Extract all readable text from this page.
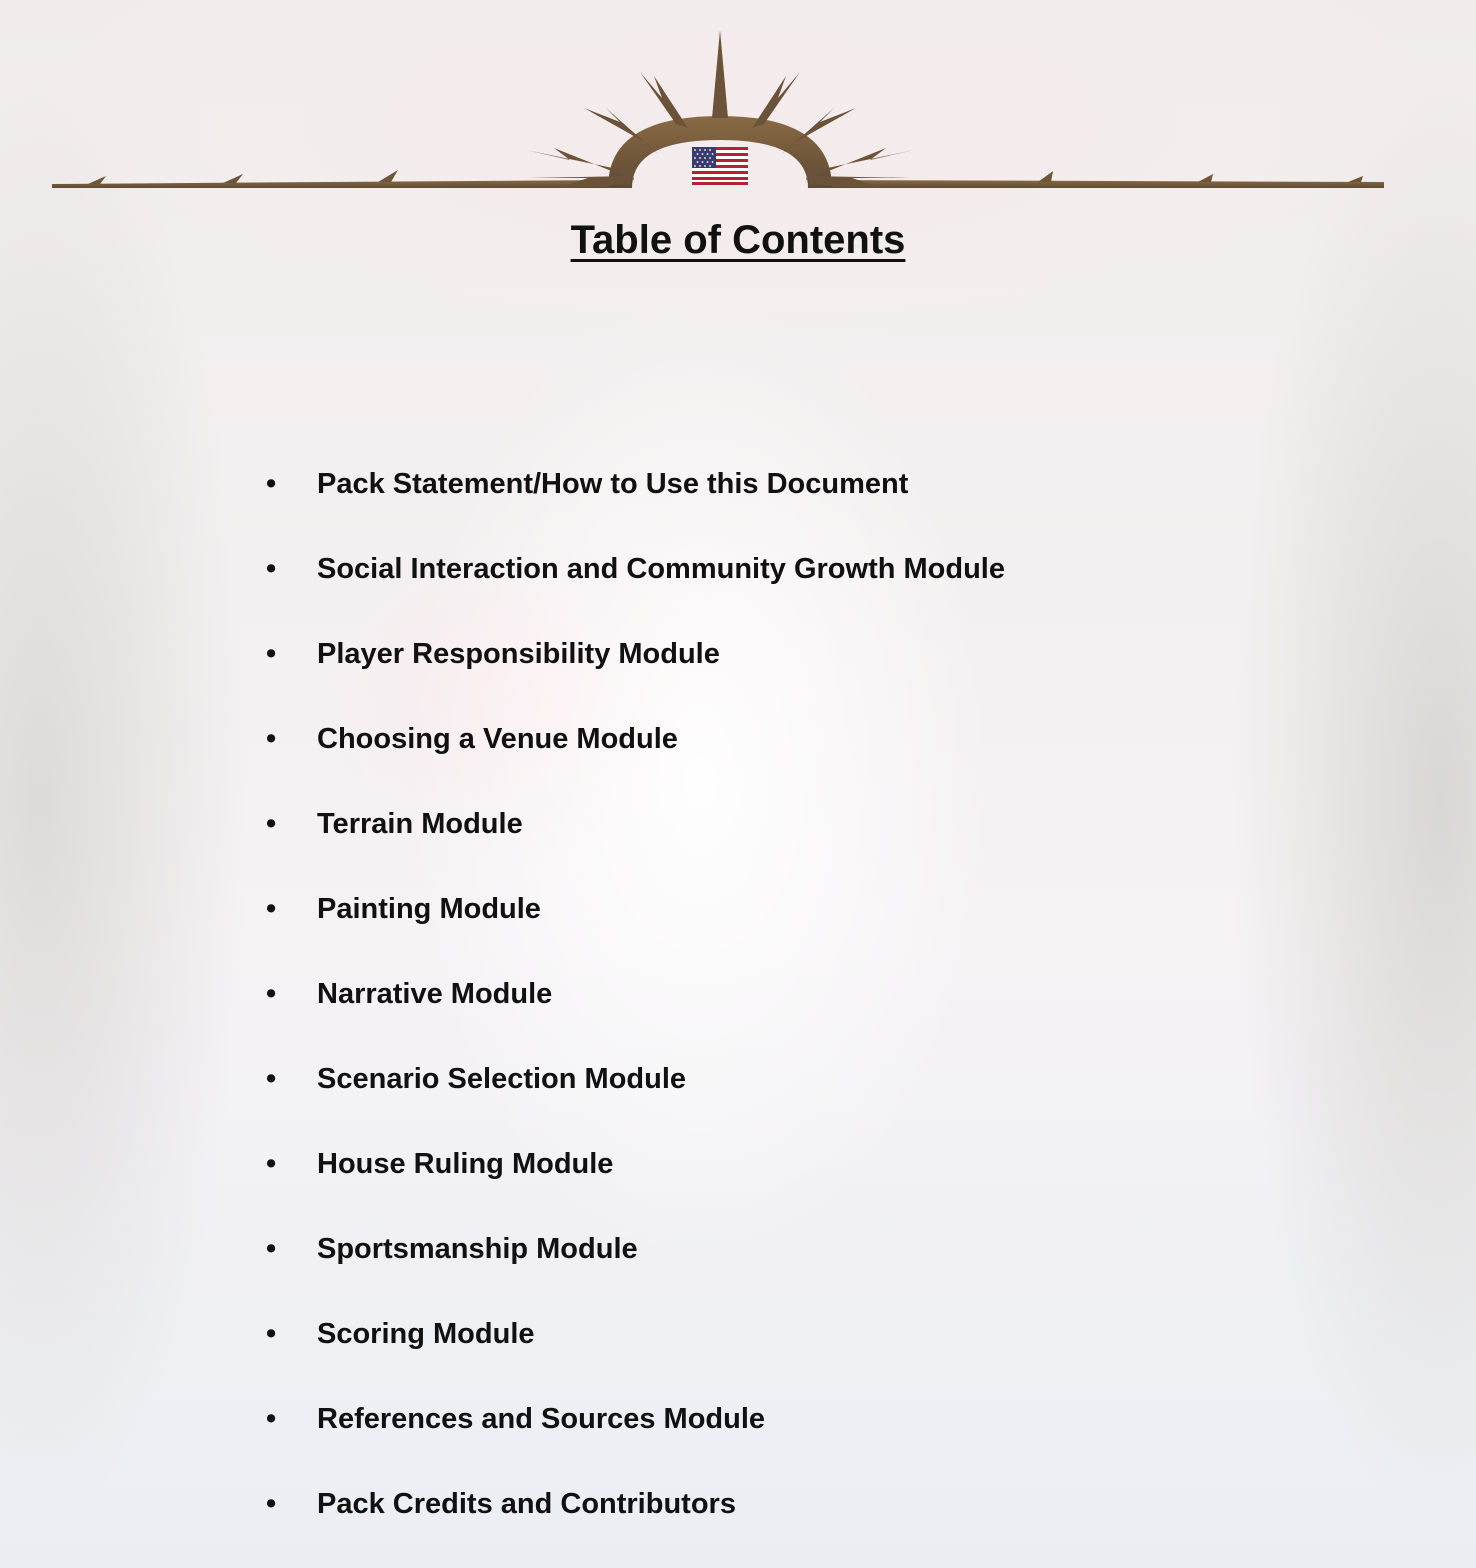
Table of Contents
•	Pack Statement/How to Use this Document
•	Social Interaction and Community Growth Module
•	Player Responsibility Module
•	Choosing a Venue Module
•	Terrain Module
•	Painting Module
•	Narrative Module
•	Scenario Selection Module
•	House Ruling Module
•	Sportsmanship Module
•	Scoring Module
•	References and Sources Module
•	Pack Credits and Contributors
